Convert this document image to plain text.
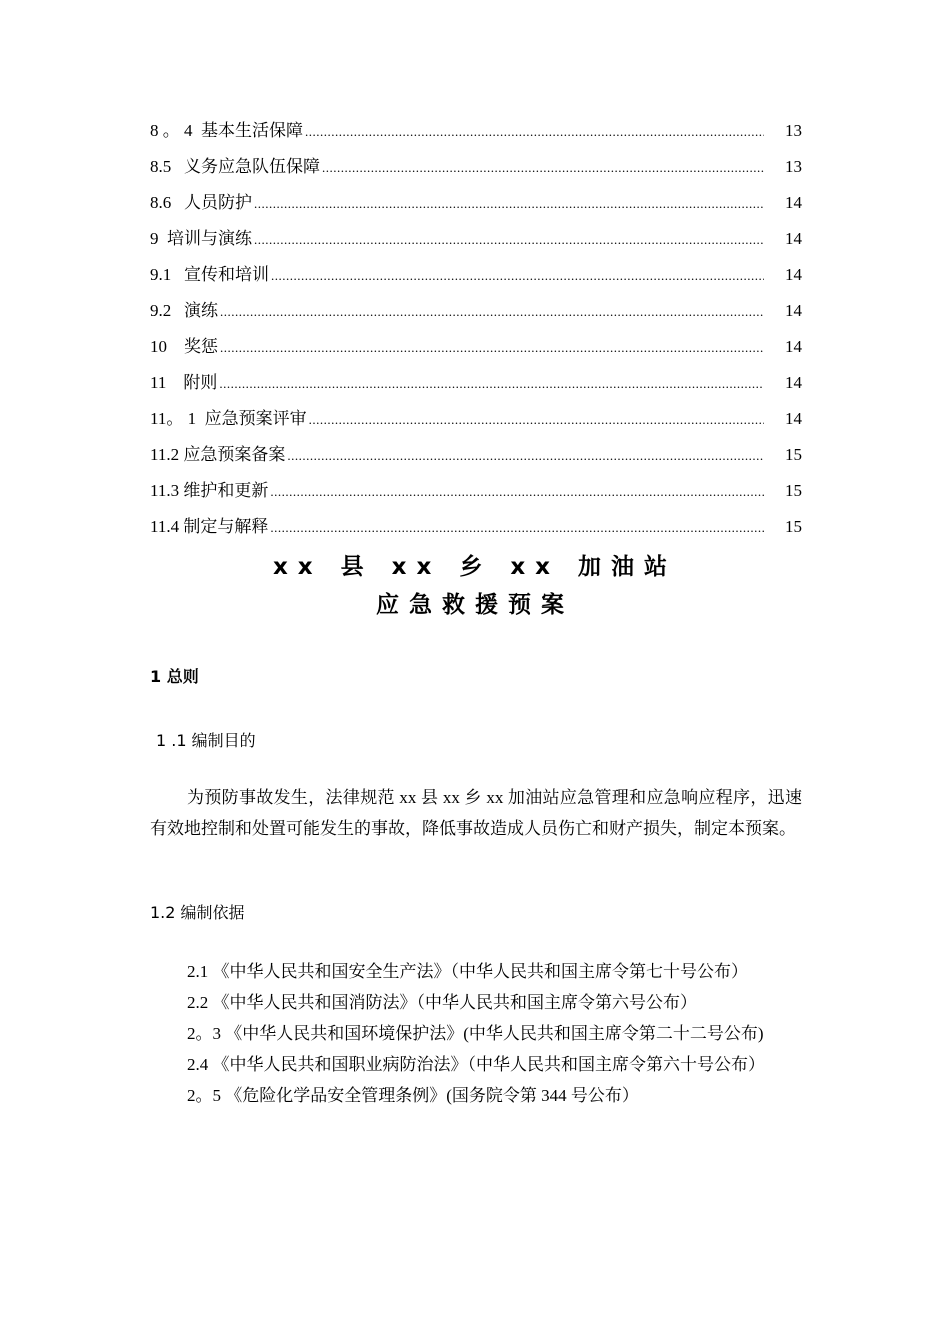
8 。 4  基本生活保障 .....	13
8.5   义务应急队伍保障 .....	13
8.6   人员防护 .....	14
9  培训与演练 .....	14
9.1   宣传和培训 .....	14
9.2   演练 .....	14
10    奖惩 .....	14
11    附则 .....	14
11。 1  应急预案评审 .....	14
11.2 应急预案备案 .....	15
11.3 维护和更新 .....	15
11.4 制定与解释 .....	15
xx 县 xx 乡 xx 加油站
应急救援预案
1 总则
1 .1 编制目的
为预防事故发生，法律规范 xx 县 xx 乡 xx 加油站应急管理和应急响应程序，迅速有效地控制和处置可能发生的事故，降低事故造成人员伤亡和财产损失，制定本预案。
1.2 编制依据
2.1 《中华人民共和国安全生产法》（中华人民共和国主席令第七十号公布）
2.2 《中华人民共和国消防法》（中华人民共和国主席令第六号公布）
2。3 《中华人民共和国环境保护法》(中华人民共和国主席令第二十二号公布)
2.4 《中华人民共和国职业病防治法》（中华人民共和国主席令第六十号公布）
2。5 《危险化学品安全管理条例》(国务院令第 344 号公布）
